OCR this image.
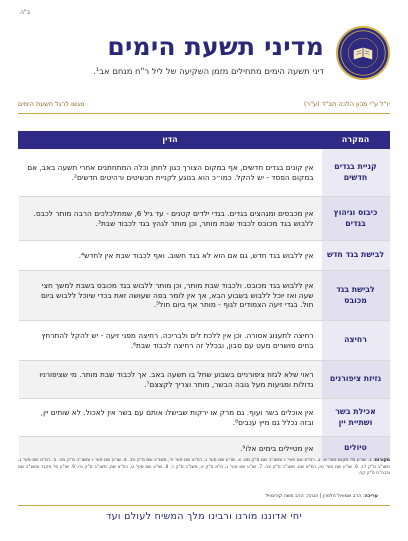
ב"ה
מדיני תשעת הימים
דיני תשעה הימים מתחילים מזמן השקיעה של ליל ר"ח מנחם אב¹.
יו"ל ע"י מכון הלכה חב"ד (ע"ר)
מגשו לרגל תשעת הימים
המקרה	הדין
קניית בגדים חדשים	אין קונים בגדים חדשים, אף במקום הצורך כגון לחתן וכלה המתחתנים אחרי תשעה באב, אם במקום הפסד - יש להקל. כמו״כ הוא בנוגע לקניית תכשיטים ורהיטים חדשים².
כיבוס וגיהוץ בגדים	אין מכבסים ומגהצים בגדים. בגדי ילדים קטנים - עד גיל 6, שמתלכלכים הרבה מותר לכבס. ללבוש בגד מכובס לכבוד שבת מותר, וכן מותר לגהץ בגד לכבוד שבת³.
לבישת בגד חדש	אין ללבוש בגד חדש, גם אם הוא לא בגד חשוב. ואף לכבוד שבת אין לחדש⁴.
לבישת בגד מכובס	אין ללבוש בגד מכובס. ולכבוד שבת מותר, וכן מותר ללבוש בגד מכובס בשבת למשך חצי שעה ואז יוכל ללבוש בשבוע הבא, אך אין לומר בפה שעושה זאת בכדי שיוכל ללבוש ביום חול. בגדי זיעה הצמודים לגוף - מותר אף ביום חול⁵.
רחיצה	רחיצה לתענוג אסורה. וכן אין ללכת לים ולבריכה. רחיצה מפני זיעה - יש להקל להתרחץ בחים פושרים מעט עם סבון, ובכלל זה רחיצה לכבוד שבת⁶.
גזיזת ציפורנים	ראוי שלא לגזוז ציפורניים בשבוע שחל בו תשעה באב. אך לכבוד שבת מותר. מי שציפורניו גדולות ומגיעות מעל גובה הבשר, מותר וצריך לקצצם⁷.
אכילת בשר ושתיית יין	אין אוכלים בשר ועוף. גם מרק או ירקות שבישלו אותם עם בשר אין לאכול. לא שותים יין, ובזה נכלל גם מיץ ענבים⁸.
טיולים	אין מטיילים בימים אלו⁹.
מקורות: 1. שו"ע סי' תקנא סעי' א. 2. רמ"א שם סעי' ז ומשנ"ב שם ס"ק מט. 3. שו"ע שם סעי' ג, רמ"א שם סעי' יד, משנ"ב שם ס"ק פב. 4. שו"ע שם סעי' ו ומשנ"ב ס"ק מה. 5. רמ"א שם סעי' ג, משנ"ב ס"ק לב. 6. שו"ע שם סעי' טז, רמ"א שם, משנ"ב ס"ק צה. 7. שו"ע שם סעי' ג, מ"א ס"ק יג, משנ"ב ס"ק כ. 8. שו"ע שם סעי' ט, רמ"א שם, משנ"ב ס"ק נח. 9. שו"ע סי' תקנד ומשנ"ב שם ובכה"ח ס"ק קח.
עריכה: הרב שמואל הלפרן | הגהה: הרב משה קורצוויל
יחי אדוננו מורנו ורבינו מלך המשיח לעולם ועד
